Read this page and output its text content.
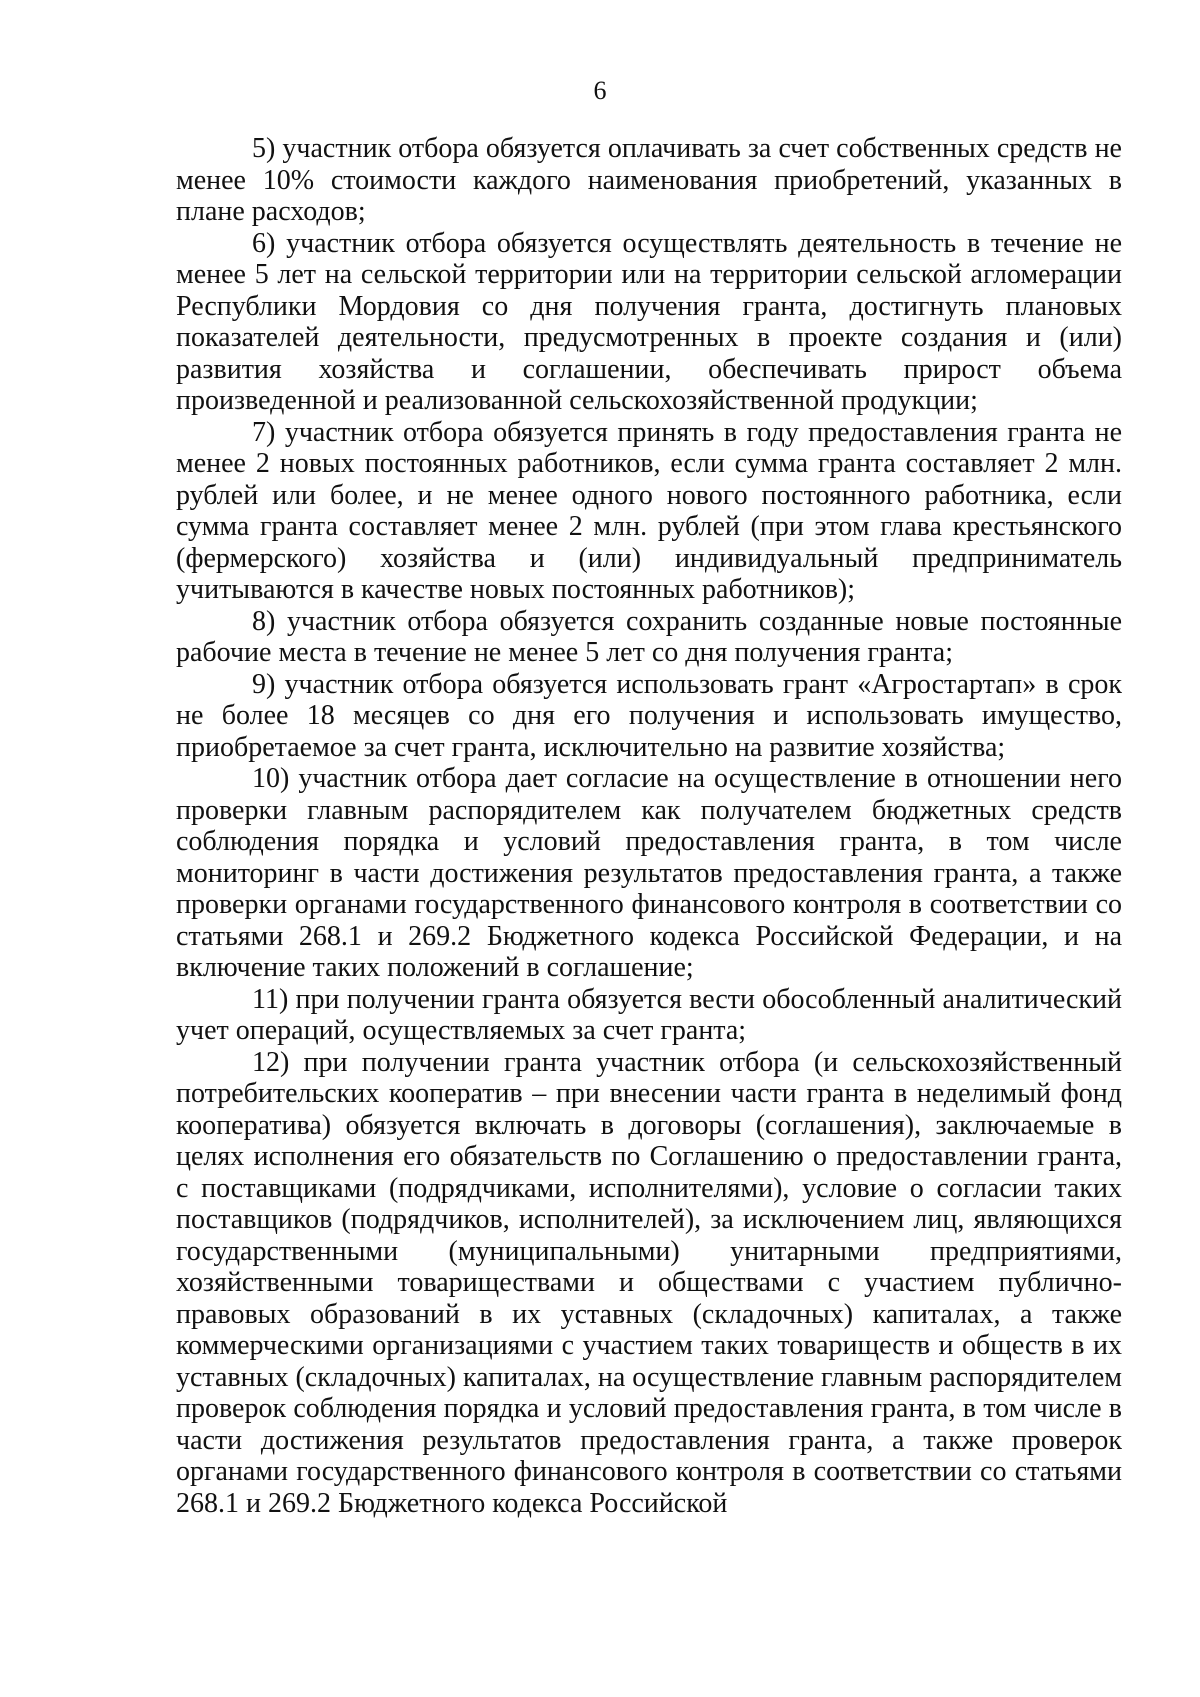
6

5) участник отбора обязуется оплачивать за счет собственных средств не менее 10% стоимости каждого наименования приобретений, указанных в плане расходов;

6) участник отбора обязуется осуществлять деятельность в течение не менее 5 лет на сельской территории или на территории сельской агломерации Республики Мордовия со дня получения гранта, достигнуть плановых показателей деятельности, предусмотренных в проекте создания и (или) развития хозяйства и соглашении, обеспечивать прирост объема произведенной и реализованной сельскохозяйственной продукции;

7) участник отбора обязуется принять в году предоставления гранта не менее 2 новых постоянных работников, если сумма гранта составляет 2 млн. рублей или более, и не менее одного нового постоянного работника, если сумма гранта составляет менее 2 млн. рублей (при этом глава крестьянского (фермерского) хозяйства и (или) индивидуальный предприниматель учитываются в качестве новых постоянных работников);

8) участник отбора обязуется сохранить созданные новые постоянные рабочие места в течение не менее 5 лет со дня получения гранта;

9) участник отбора обязуется использовать грант «Агростартап» в срок не более 18 месяцев со дня его получения и использовать имущество, приобретаемое за счет гранта, исключительно на развитие хозяйства;

10) участник отбора дает согласие на осуществление в отношении него проверки главным распорядителем как получателем бюджетных средств соблюдения порядка и условий предоставления гранта, в том числе мониторинг в части достижения результатов предоставления гранта, а также проверки органами государственного финансового контроля в соответствии со статьями 268.1 и 269.2 Бюджетного кодекса Российской Федерации, и на включение таких положений в соглашение;

11) при получении гранта обязуется вести обособленный аналитический учет операций, осуществляемых за счет гранта;

12) при получении гранта участник отбора (и сельскохозяйственный потребительских кооператив – при внесении части гранта в неделимый фонд кооператива) обязуется включать в договоры (соглашения), заключаемые в целях исполнения его обязательств по Соглашению о предоставлении гранта, с поставщиками (подрядчиками, исполнителями), условие о согласии таких поставщиков (подрядчиков, исполнителей), за исключением лиц, являющихся государственными (муниципальными) унитарными предприятиями, хозяйственными товариществами и обществами с участием публично-правовых образований в их уставных (складочных) капиталах, а также коммерческими организациями с участием таких товариществ и обществ в их уставных (складочных) капиталах, на осуществление главным распорядителем проверок соблюдения порядка и условий предоставления гранта, в том числе в части достижения результатов предоставления гранта, а также проверок органами государственного финансового контроля в соответствии со статьями 268.1 и 269.2 Бюджетного кодекса Российской
